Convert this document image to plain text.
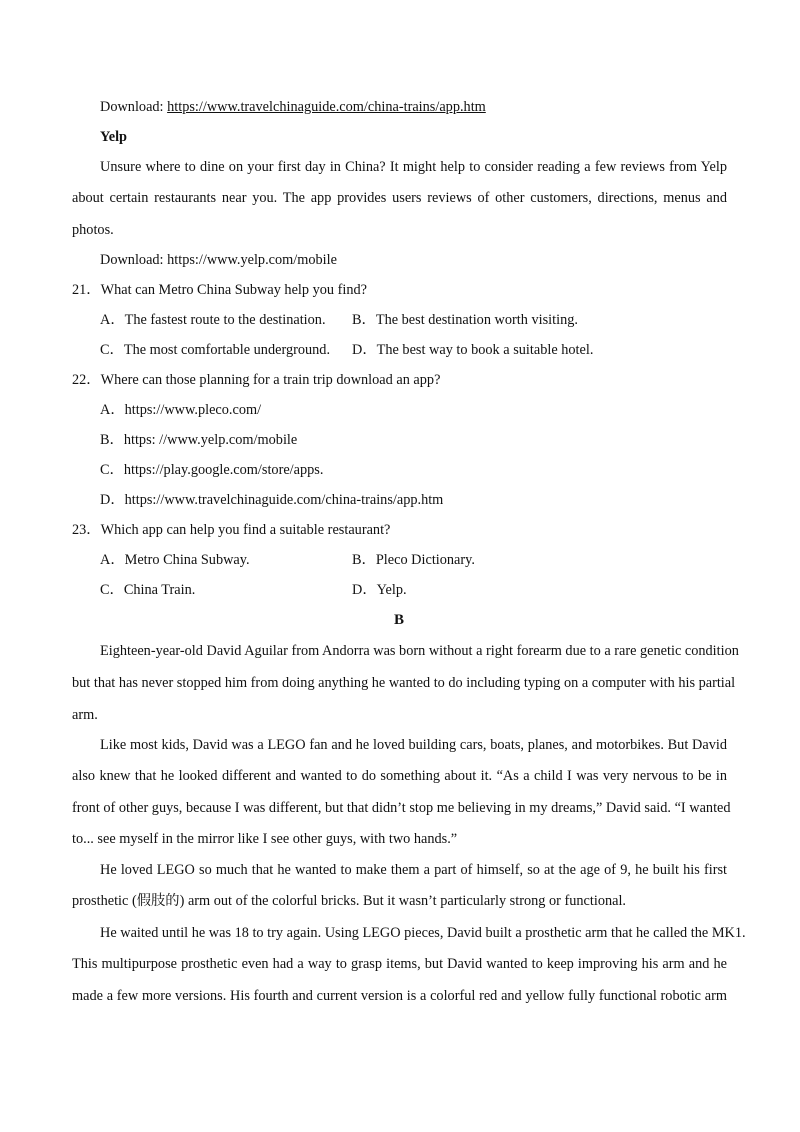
Download: https://www.travelchinaguide.com/china-trains/app.htm
Yelp
Unsure where to dine on your first day in China? It might help to consider reading a few reviews from Yelp
about certain restaurants near you. The app provides users reviews of other customers, directions, menus and
photos.
Download: https://www.yelp.com/mobile
21．What can Metro China Subway help you find?
A．The fastest route to the destination. B．The best destination worth visiting.
C．The most comfortable underground. D．The best way to book a suitable hotel.
22．Where can those planning for a train trip download an app?
A．https://www.pleco.com/
B．https: //www.yelp.com/mobile
C．https://play.google.com/store/apps.
D．https://www.travelchinaguide.com/china-trains/app.htm
23．Which app can help you find a suitable restaurant?
A．Metro China Subway.	B．Pleco Dictionary.
C．China Train.	D．Yelp.
B
Eighteen-year-old David Aguilar from Andorra was born without a right forearm due to a rare genetic condition
but that has never stopped him from doing anything he wanted to do including typing on a computer with his partial
arm.
Like most kids, David was a LEGO fan and he loved building cars, boats, planes, and motorbikes. But David
also knew that he looked different and wanted to do something about it. “As a child I was very nervous to be in
front of other guys, because I was different, but that didn’t stop me believing in my dreams,” David said. “I wanted
to... see myself in the mirror like I see other guys, with two hands.”
He loved LEGO so much that he wanted to make them a part of himself, so at the age of 9, he built his first
prosthetic (假肢的) arm out of the colorful bricks. But it wasn’t particularly strong or functional.
He waited until he was 18 to try again. Using LEGO pieces, David built a prosthetic arm that he called the MK1.
This multipurpose prosthetic even had a way to grasp items, but David wanted to keep improving his arm and he
made a few more versions. His fourth and current version is a colorful red and yellow fully functional robotic arm
